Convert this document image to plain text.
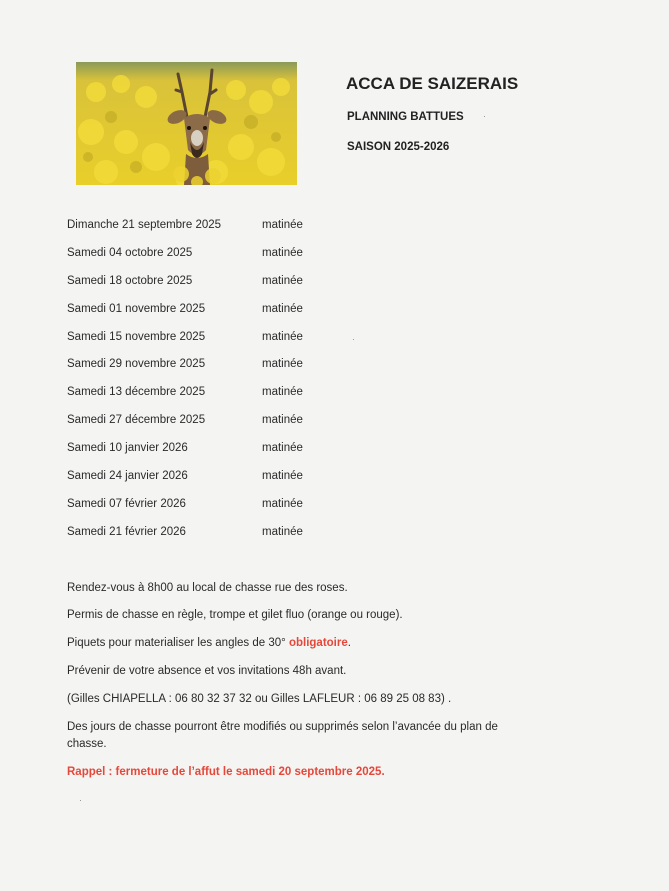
ACCA DE SAIZERAIS
PLANNING BATTUES
SAISON 2025-2026
Dimanche 21 septembre 2025	matinée
Samedi 04 octobre 2025	matinée
Samedi 18 octobre 2025	matinée
Samedi 01 novembre 2025	matinée
Samedi 15 novembre 2025	matinée
Samedi 29 novembre 2025	matinée
Samedi 13 décembre 2025	matinée
Samedi 27 décembre 2025	matinée
Samedi 10 janvier 2026	matinée
Samedi 24 janvier 2026	matinée
Samedi 07 février 2026	matinée
Samedi 21 février 2026	matinée
Rendez-vous à 8h00 au local de chasse rue des roses.
Permis de chasse en règle, trompe et gilet fluo (orange ou rouge).
Piquets pour materialiser les angles de 30° obligatoire.
Prévenir de votre absence et vos invitations 48h avant.
(Gilles CHIAPELLA : 06 80 32 37 32 ou Gilles LAFLEUR : 06 89 25 08 83) .
Des jours de chasse pourront être modifiés ou supprimés selon l’avancée du plan de chasse.
Rappel : fermeture de l’affut le samedi 20 septembre 2025.
